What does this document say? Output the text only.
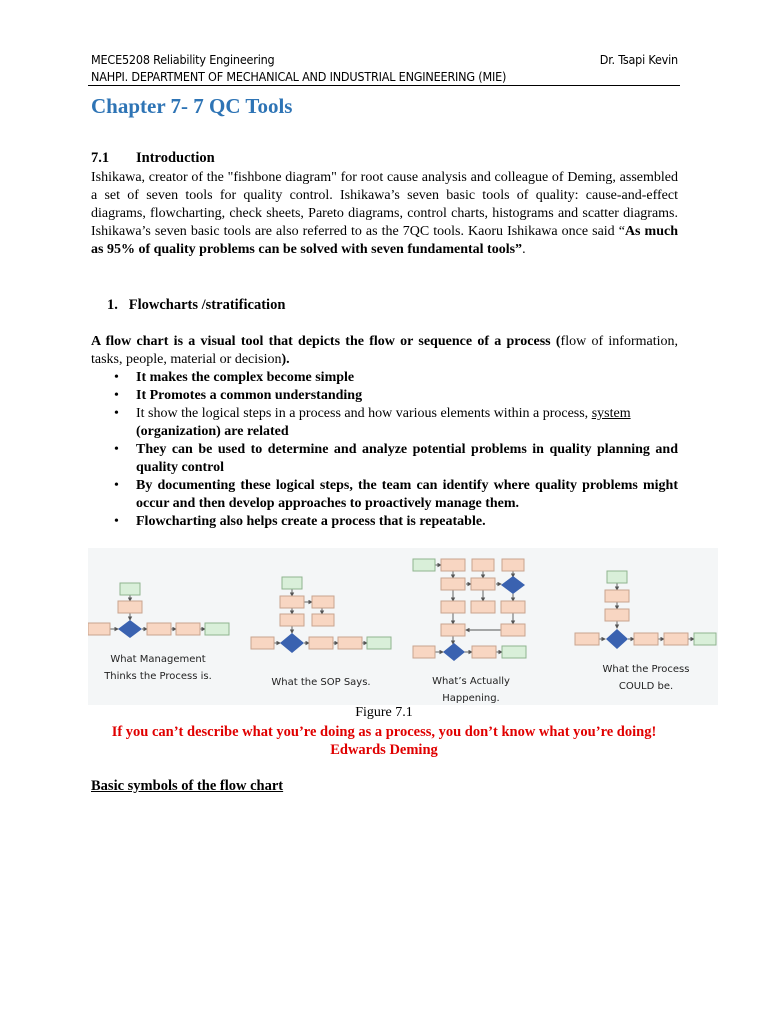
MECE5208 Reliability Engineering	Dr. Tsapi Kevin
NAHPI. DEPARTMENT OF MECHANICAL AND INDUSTRIAL ENGINEERING (MIE)
Chapter 7- 7 QC Tools
7.1 Introduction
Ishikawa, creator of the "fishbone diagram" for root cause analysis and colleague of Deming, assembled a set of seven tools for quality control. Ishikawa’s seven basic tools of quality: cause-and-effect diagrams, flowcharting, check sheets, Pareto diagrams, control charts, histograms and scatter diagrams. Ishikawa’s seven basic tools are also referred to as the 7QC tools. Kaoru Ishikawa once said “As much as 95% of quality problems can be solved with seven fundamental tools”.
1. Flowcharts /stratification
A flow chart is a visual tool that depicts the flow or sequence of a process (flow of information, tasks, people, material or decision).
• It makes the complex become simple
• It Promotes a common understanding
• It show the logical steps in a process and how various elements within a process, system
(organization) are related
• They can be used to determine and analyze potential problems in quality planning and quality control
• By documenting these logical steps, the team can identify where quality problems might occur and then develop approaches to proactively manage them.
• Flowcharting also helps create a process that is repeatable.
What Management
Thinks the Process is.
What the SOP Says.	What’s Actually
Happening.
What the Process
COULD be.
Figure 7.1
If you can’t describe what you’re doing as a process, you don’t know what you’re doing!
Edwards Deming
Basic symbols of the flow chart
